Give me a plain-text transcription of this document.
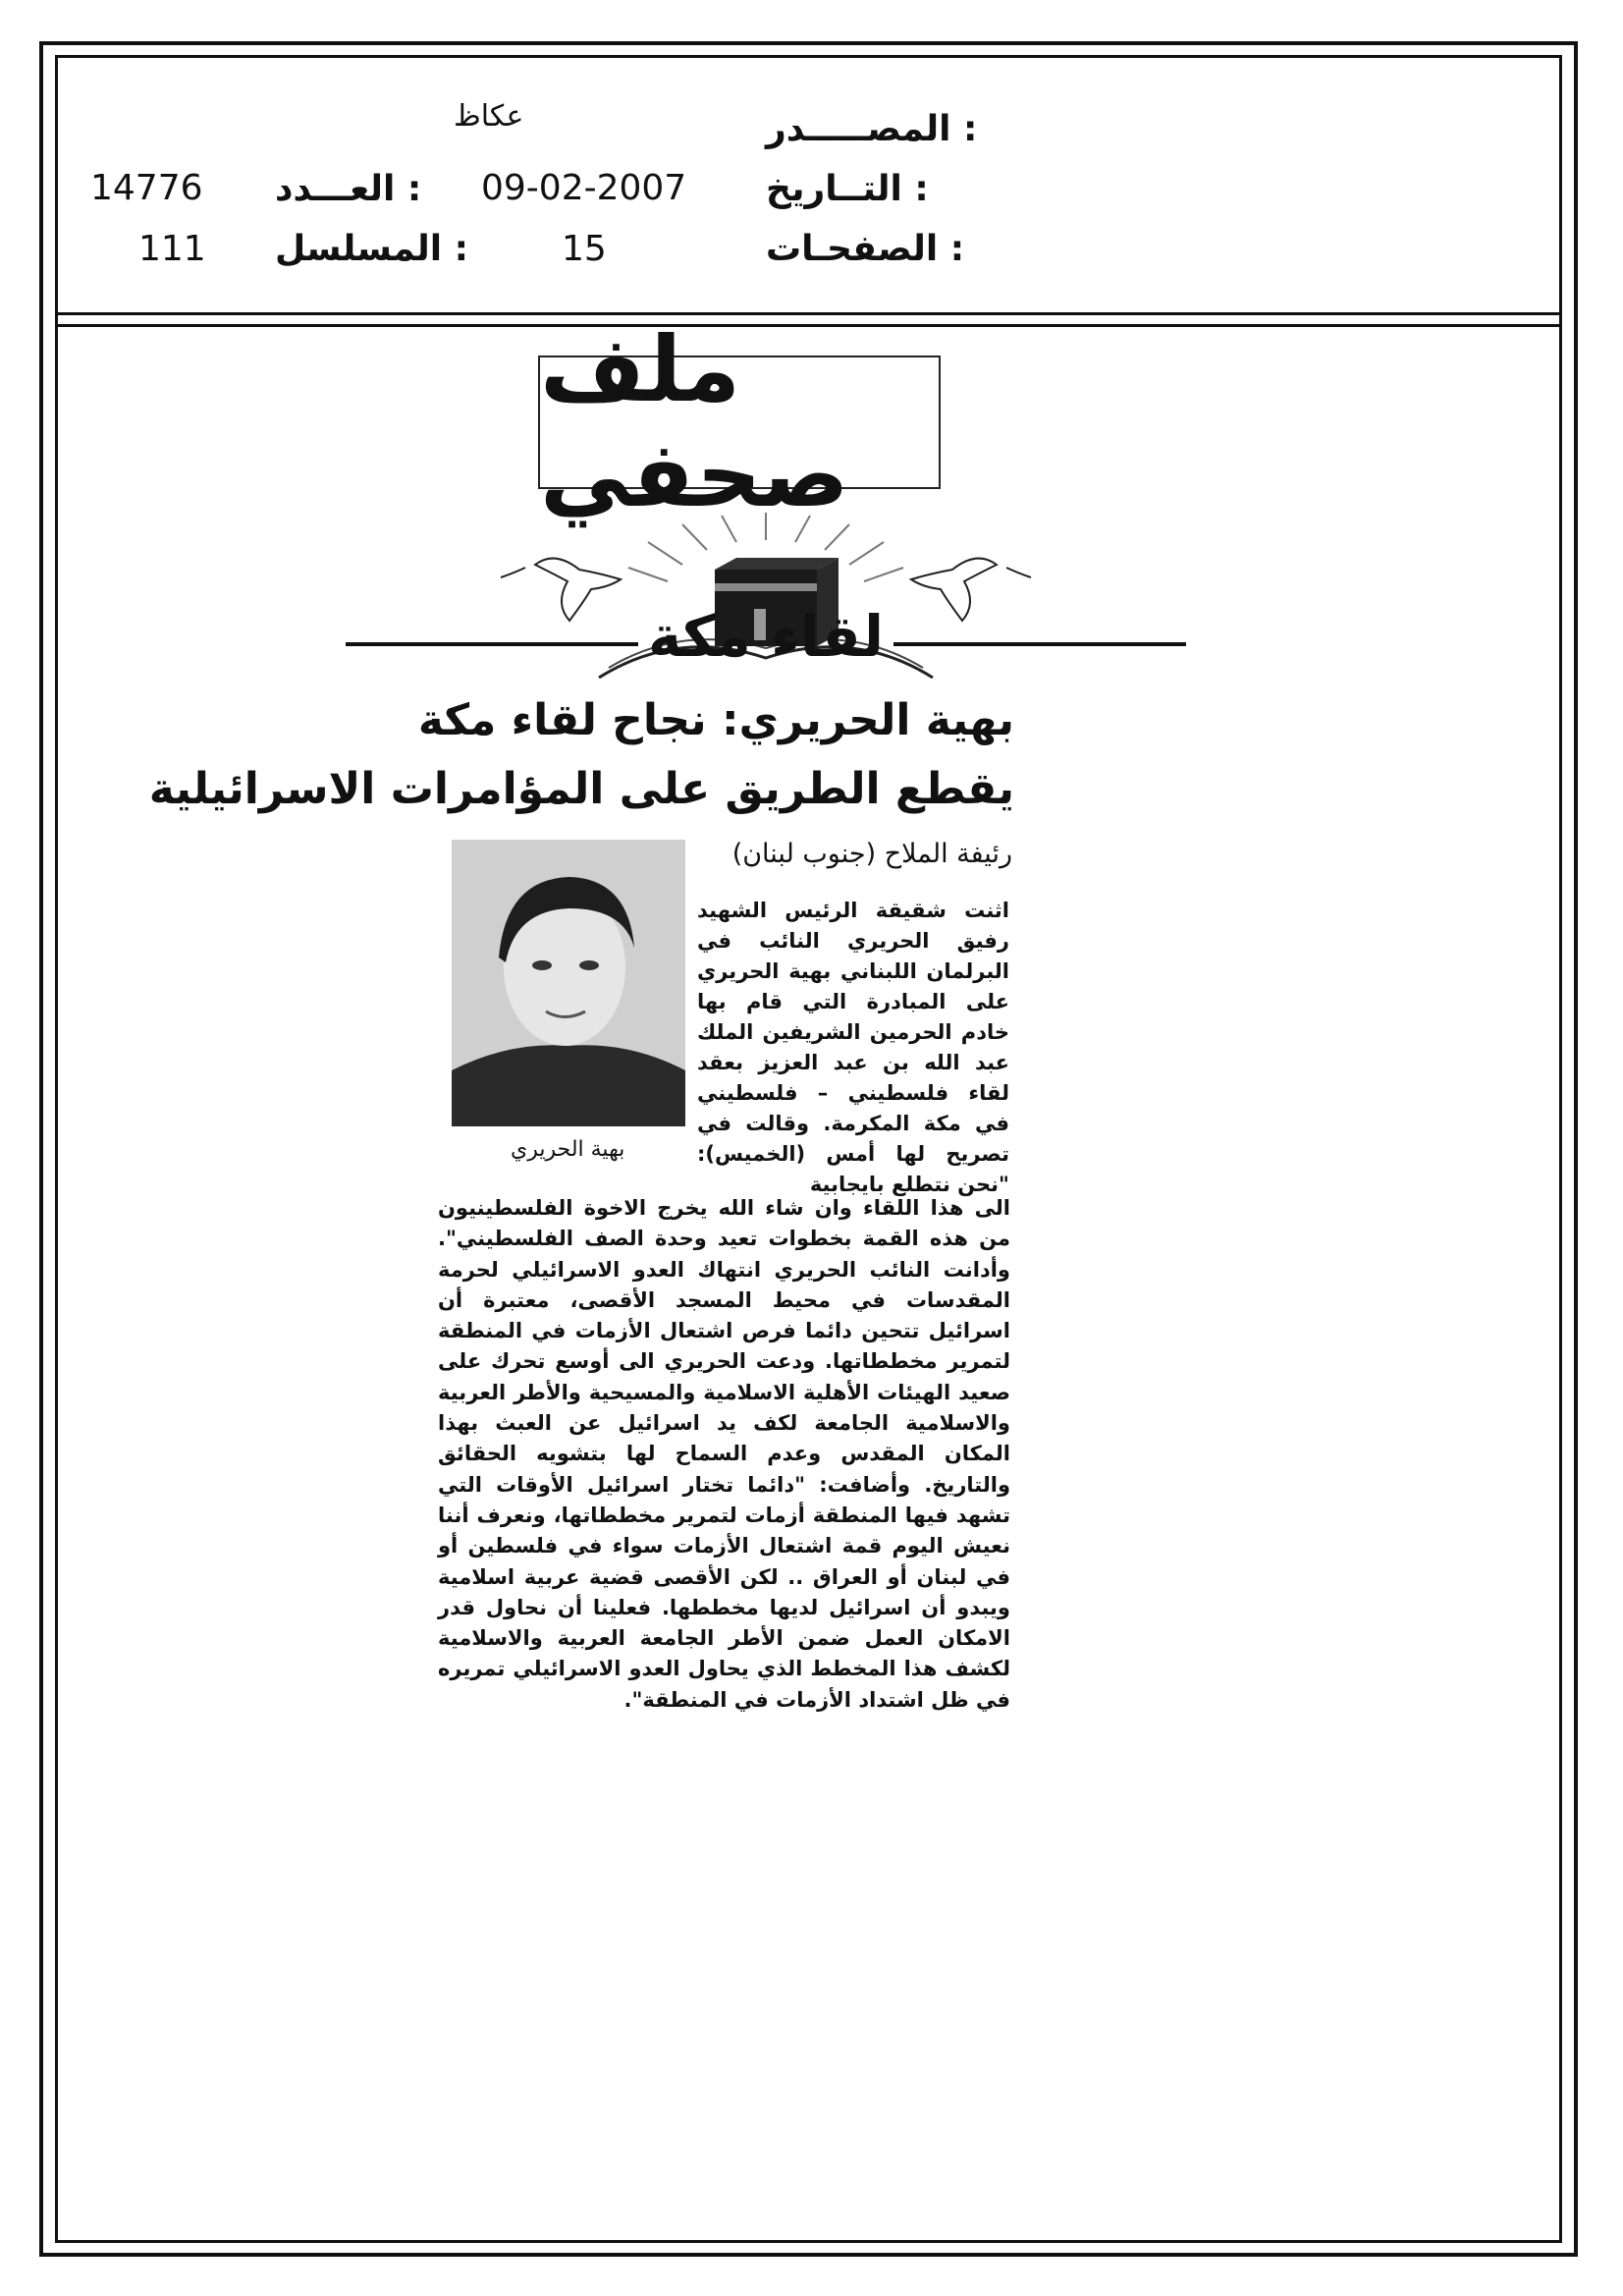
المصـــــدر :
عكاظ
التــاريخ :
09-02-2007
العـــدد :
14776
الصفحـات :
15
المسلسل :
111
ملف صحفي
لقاء مكة
بهية الحريري: نجاح لقاء مكة
يقطع الطريق على المؤامرات الاسرائيلية
رئيفة الملاح (جنوب لبنان)
بهية الحريري

اثنت شقيقة الرئيس الشهيد رفيق الحريري النائب في البرلمان اللبناني بهية الحريري على المبادرة التي قام بها خادم الحرمين الشريفين الملك عبد الله بن عبد العزيز بعقد لقاء فلسطيني – فلسطيني في مكة المكرمة. وقالت في تصريح لها أمس (الخميس): "نحن نتطلع بايجابية

الى هذا اللقاء وان شاء الله يخرج الاخوة الفلسطينيون من هذه القمة بخطوات تعيد وحدة الصف الفلسطيني". وأدانت النائب الحريري انتهاك العدو الاسرائيلي لحرمة المقدسات في محيط المسجد الأقصى، معتبرة أن اسرائيل تتحين دائما فرص اشتعال الأزمات في المنطقة لتمرير مخططاتها. ودعت الحريري الى أوسع تحرك على صعيد الهيئات الأهلية الاسلامية والمسيحية والأطر العربية والاسلامية الجامعة لكف يد اسرائيل عن العبث بهذا المكان المقدس وعدم السماح لها بتشويه الحقائق والتاريخ. وأضافت: "دائما تختار اسرائيل الأوقات التي تشهد فيها المنطقة أزمات لتمرير مخططاتها، ونعرف أننا نعيش اليوم قمة اشتعال الأزمات سواء في فلسطين أو في لبنان أو العراق .. لكن الأقصى قضية عربية اسلامية ويبدو أن اسرائيل لديها مخططها. فعلينا أن نحاول قدر الامكان العمل ضمن الأطر الجامعة العربية والاسلامية لكشف هذا المخطط الذي يحاول العدو الاسرائيلي تمريره في ظل اشتداد الأزمات في المنطقة".
